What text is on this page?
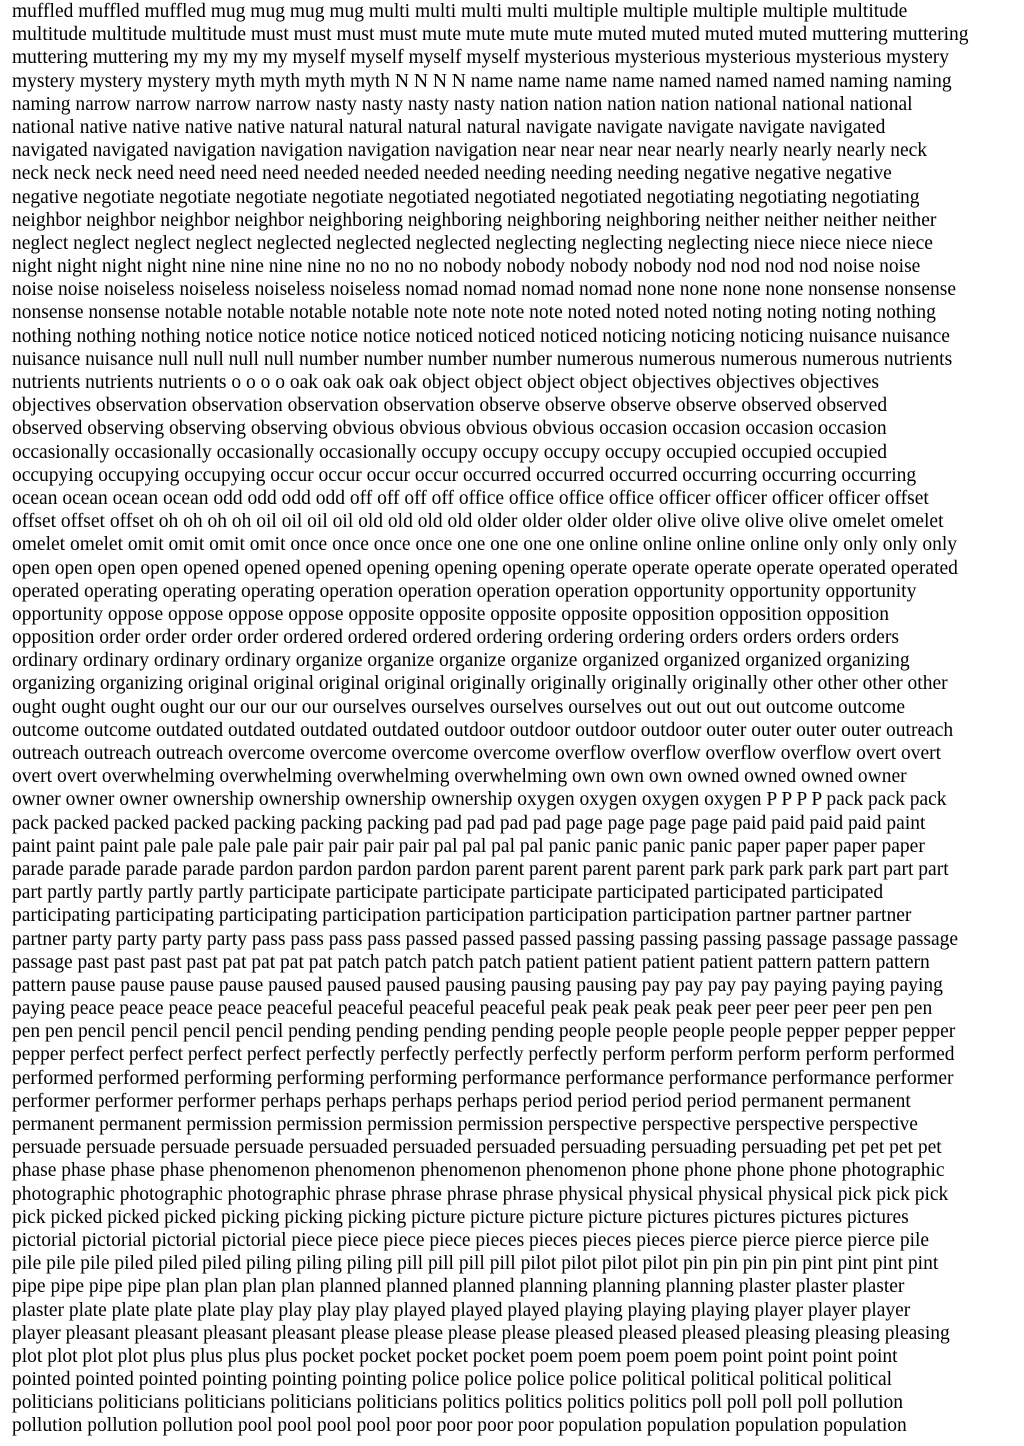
muffled muffled muffled mug mug mug mug multi multi multi multi multiple multiple multiple multiple multitude
multitude multitude multitude must must must must mute mute mute mute muted muted muted muted muttering muttering
muttering muttering my my my my myself myself myself myself mysterious mysterious mysterious mysterious mystery
mystery mystery mystery myth myth myth myth N N N N name name name name named named named naming naming
naming narrow narrow narrow narrow nasty nasty nasty nasty nation nation nation nation national national national
national native native native native natural natural natural natural navigate navigate navigate navigate navigated
navigated navigated navigation navigation navigation navigation near near near near nearly nearly nearly nearly neck
neck neck neck need need need need needed needed needed needing needing needing negative negative negative
negative negotiate negotiate negotiate negotiate negotiated negotiated negotiated negotiating negotiating negotiating
neighbor neighbor neighbor neighbor neighboring neighboring neighboring neighboring neither neither neither neither
neglect neglect neglect neglect neglected neglected neglected neglecting neglecting neglecting niece niece niece niece
night night night night nine nine nine nine no no no no nobody nobody nobody nobody nod nod nod nod noise noise
noise noise noiseless noiseless noiseless noiseless nomad nomad nomad nomad none none none none nonsense nonsense
nonsense nonsense notable notable notable notable note note note note noted noted noted noting noting noting nothing
nothing nothing nothing notice notice notice notice noticed noticed noticed noticing noticing noticing nuisance nuisance
nuisance nuisance null null null null number number number number numerous numerous numerous numerous nutrients
nutrients nutrients nutrients o o o o oak oak oak oak object object object object objectives objectives objectives
objectives observation observation observation observation observe observe observe observe observed observed
observed observing observing observing obvious obvious obvious obvious occasion occasion occasion occasion
occasionally occasionally occasionally occasionally occupy occupy occupy occupy occupied occupied occupied
occupying occupying occupying occur occur occur occur occurred occurred occurred occurring occurring occurring
ocean ocean ocean ocean odd odd odd odd off off off off office office office office officer officer officer officer offset
offset offset offset oh oh oh oh oil oil oil oil old old old old older older older older olive olive olive olive omelet omelet
omelet omelet omit omit omit omit once once once once one one one one online online online online only only only only
open open open open opened opened opened opening opening opening operate operate operate operate operated operated
operated operating operating operating operation operation operation operation opportunity opportunity opportunity
opportunity oppose oppose oppose oppose opposite opposite opposite opposite opposition opposition opposition
opposition order order order order ordered ordered ordered ordering ordering ordering orders orders orders orders
ordinary ordinary ordinary ordinary organize organize organize organize organized organized organized organizing
organizing organizing original original original original originally originally originally originally other other other other
ought ought ought ought our our our our ourselves ourselves ourselves ourselves out out out out outcome outcome
outcome outcome outdated outdated outdated outdated outdoor outdoor outdoor outdoor outer outer outer outer outreach
outreach outreach outreach overcome overcome overcome overcome overflow overflow overflow overflow overt overt
overt overt overwhelming overwhelming overwhelming overwhelming own own own owned owned owned owner
owner owner owner ownership ownership ownership ownership oxygen oxygen oxygen oxygen P P P P pack pack pack
pack packed packed packed packing packing packing pad pad pad pad page page page page paid paid paid paid paint
paint paint paint pale pale pale pale pair pair pair pair pal pal pal pal panic panic panic panic paper paper paper paper
parade parade parade parade pardon pardon pardon pardon parent parent parent parent park park park park part part part
part partly partly partly partly participate participate participate participate participated participated participated
participating participating participating participation participation participation participation partner partner partner
partner party party party party pass pass pass pass passed passed passed passing passing passing passage passage passage
passage past past past past pat pat pat pat patch patch patch patch patient patient patient patient pattern pattern pattern
pattern pause pause pause pause paused paused paused pausing pausing pausing pay pay pay pay paying paying paying
paying peace peace peace peace peaceful peaceful peaceful peaceful peak peak peak peak peer peer peer peer pen pen
pen pen pencil pencil pencil pencil pending pending pending pending people people people people pepper pepper pepper
pepper perfect perfect perfect perfect perfectly perfectly perfectly perfectly perform perform perform perform performed
performed performed performing performing performing performance performance performance performance performer
performer performer performer perhaps perhaps perhaps perhaps period period period period permanent permanent
permanent permanent permission permission permission permission perspective perspective perspective perspective
persuade persuade persuade persuade persuaded persuaded persuaded persuading persuading persuading pet pet pet pet
phase phase phase phase phenomenon phenomenon phenomenon phenomenon phone phone phone phone photographic
photographic photographic photographic phrase phrase phrase phrase physical physical physical physical pick pick pick
pick picked picked picked picking picking picking picture picture picture picture pictures pictures pictures pictures
pictorial pictorial pictorial pictorial piece piece piece piece pieces pieces pieces pieces pierce pierce pierce pierce pile
pile pile pile piled piled piled piling piling piling pill pill pill pill pilot pilot pilot pilot pin pin pin pin pint pint pint pint
pipe pipe pipe pipe plan plan plan plan planned planned planned planning planning planning plaster plaster plaster
plaster plate plate plate plate play play play play played played played playing playing playing player player player
player pleasant pleasant pleasant pleasant please please please please pleased pleased pleased pleasing pleasing pleasing
plot plot plot plot plus plus plus plus pocket pocket pocket pocket poem poem poem poem point point point point
pointed pointed pointed pointing pointing pointing police police police police political political political political
politicians politicians politicians politicians politicians politics politics politics politics poll poll poll poll pollution
pollution pollution pollution pool pool pool pool poor poor poor poor population population population population
